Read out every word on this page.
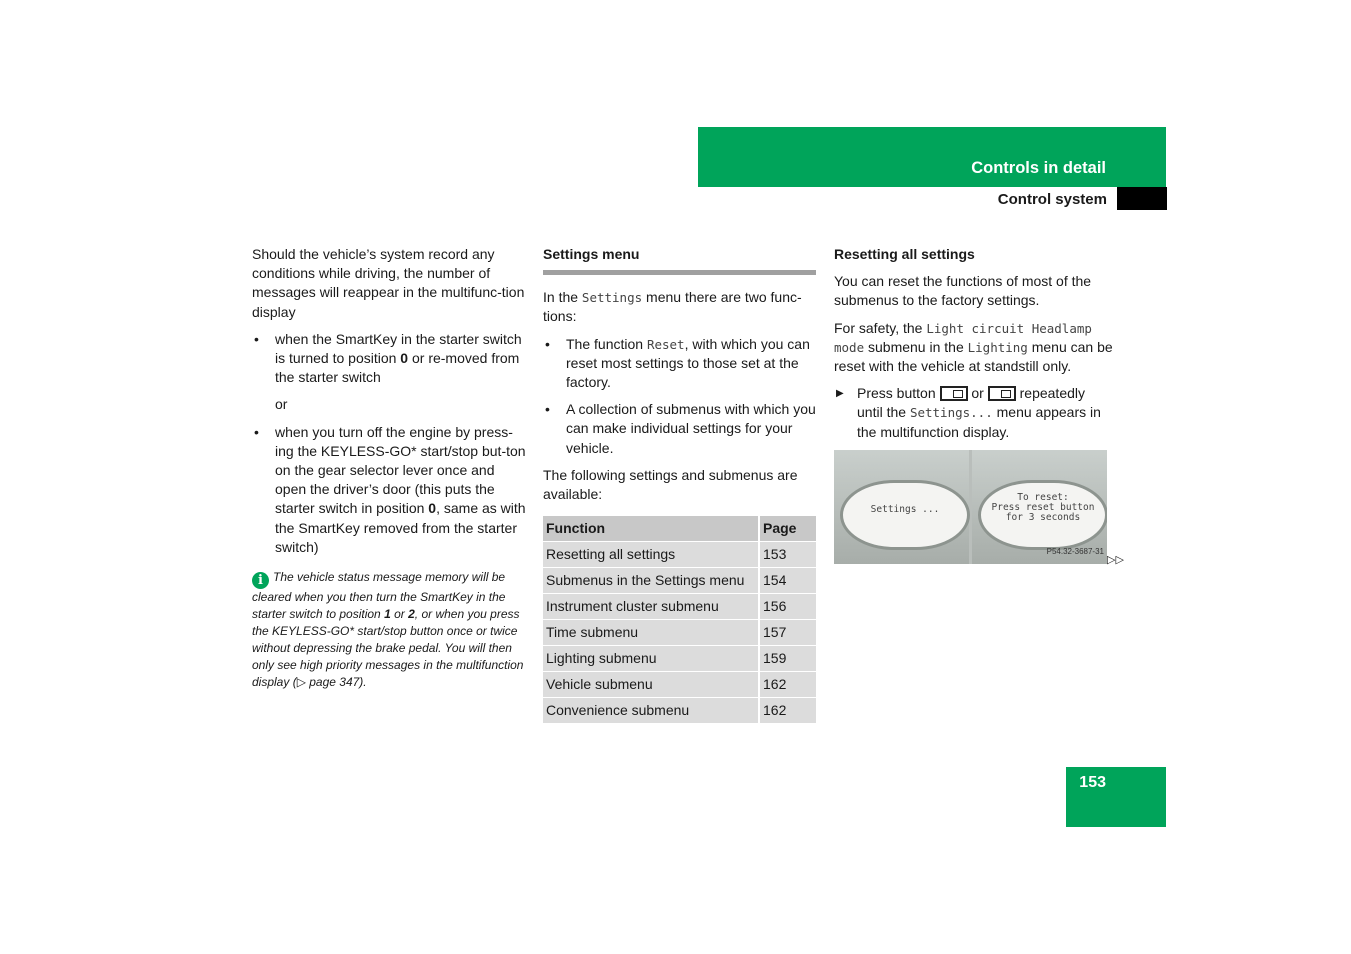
Controls in detail
Control system

Should the vehicle’s system record any conditions while driving, the number of messages will reappear in the multifunc-tion display

• when the SmartKey in the starter switch is turned to position 0 or re-moved from the starter switch

or

• when you turn off the engine by press-ing the KEYLESS-GO* start/stop but-ton on the gear selector lever once and open the driver’s door (this puts the starter switch in position 0, same as with the SmartKey removed from the starter switch)
i The vehicle status message memory will be cleared when you then turn the SmartKey in the starter switch to position 1 or 2, or when you press the KEYLESS-GO* start/stop button once or twice without depressing the brake pedal. You will then only see high priority messages in the multifunction display (▷ page 347).
Settings menu

In the Settings menu there are two func-tions:

• The function Reset, with which you can reset most settings to those set at the factory.
• A collection of submenus with which you can make individual settings for your vehicle.

The following settings and submenus are available:

Function	Page
Resetting all settings	153
Submenus in the Settings menu	154
Instrument cluster submenu	156
Time submenu	157
Lighting submenu	159
Vehicle submenu	162
Convenience submenu	162
Resetting all settings

You can reset the functions of most of the submenus to the factory settings.

For safety, the Light circuit Headlamp mode submenu in the Lighting menu can be reset with the vehicle at standstill only.

▶ Press button  or  repeatedly until the Settings... menu appears in the multifunction display.
Settings ...
To reset:
Press reset button
for 3 seconds
P54.32-3687-31
▷▷
153
